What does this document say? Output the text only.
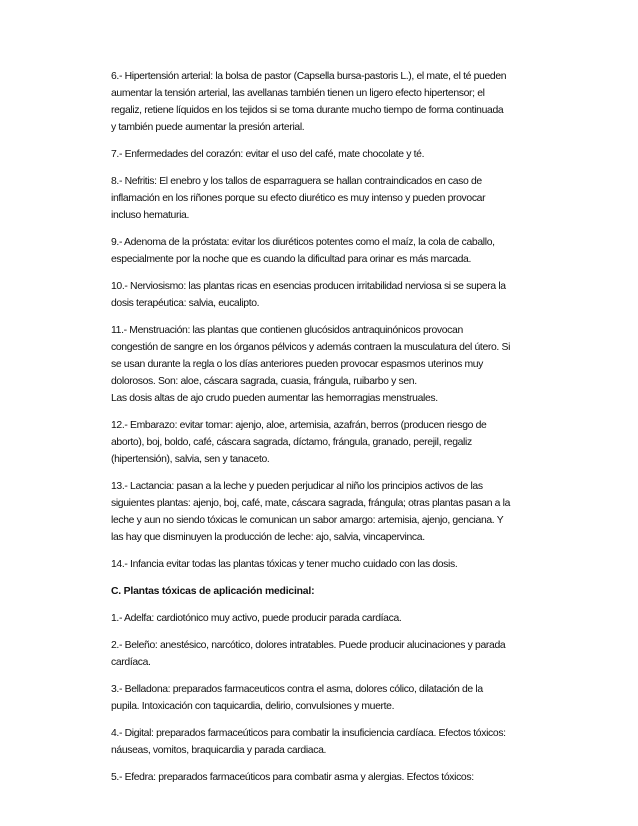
6.- Hipertensión arterial: la bolsa de pastor (Capsella bursa-pastoris L.), el mate, el té pueden
aumentar la tensión arterial, las avellanas también tienen un ligero efecto hipertensor; el
regaliz, retiene líquidos en los tejidos si se toma durante mucho tiempo de forma continuada
y también puede aumentar la presión arterial.

7.- Enfermedades del corazón: evitar el uso del café, mate chocolate y té.

8.- Nefritis: El enebro y los tallos de esparraguera se hallan contraindicados en caso de
inflamación en los riñones porque su efecto diurético es muy intenso y pueden provocar
incluso hematuria.

9.- Adenoma de la próstata: evitar los diuréticos potentes como el maíz, la cola de caballo,
especialmente por la noche que es cuando la dificultad para orinar es más marcada.

10.- Nerviosismo: las plantas ricas en esencias producen irritabilidad nerviosa si se supera la
dosis terapéutica: salvia, eucalipto.

11.- Menstruación: las plantas que contienen glucósidos antraquinónicos provocan
congestión de sangre en los órganos pélvicos y además contraen la musculatura del útero. Si
se usan durante la regla o los días anteriores pueden provocar espasmos uterinos muy
dolorosos. Son: aloe, cáscara sagrada, cuasia, frángula, ruibarbo y sen.
Las dosis altas de ajo crudo pueden aumentar las hemorragias menstruales.

12.- Embarazo: evitar tomar: ajenjo, aloe, artemisia, azafrán, berros (producen riesgo de
aborto), boj, boldo, café, cáscara sagrada, díctamo, frángula, granado, perejil, regaliz
(hipertensión), salvia, sen y tanaceto.

13.- Lactancia: pasan a la leche y pueden perjudicar al niño los principios activos de las
siguientes plantas: ajenjo, boj, café, mate, cáscara sagrada, frángula; otras plantas pasan a la
leche y aun no siendo tóxicas le comunican un sabor amargo: artemisia, ajenjo, genciana. Y
las hay que disminuyen la producción de leche: ajo, salvia, vincapervinca.

14.- Infancia evitar todas las plantas tóxicas y tener mucho cuidado con las dosis.

C. Plantas tóxicas de aplicación medicinal:

1.- Adelfa: cardiotónico muy activo, puede producir parada cardíaca.

2.- Beleño: anestésico, narcótico, dolores intratables. Puede producir alucinaciones y parada
cardíaca.

3.- Belladona: preparados farmaceuticos contra el asma, dolores cólico, dilatación de la
pupila. Intoxicación con taquicardia, delirio, convulsiones y muerte.

4.- Digital: preparados farmaceúticos para combatir la insuficiencia cardíaca. Efectos tóxicos:
náuseas, vomitos, braquicardia y parada cardiaca.

5.- Efedra: preparados farmaceúticos para combatir asma y alergias. Efectos tóxicos:
